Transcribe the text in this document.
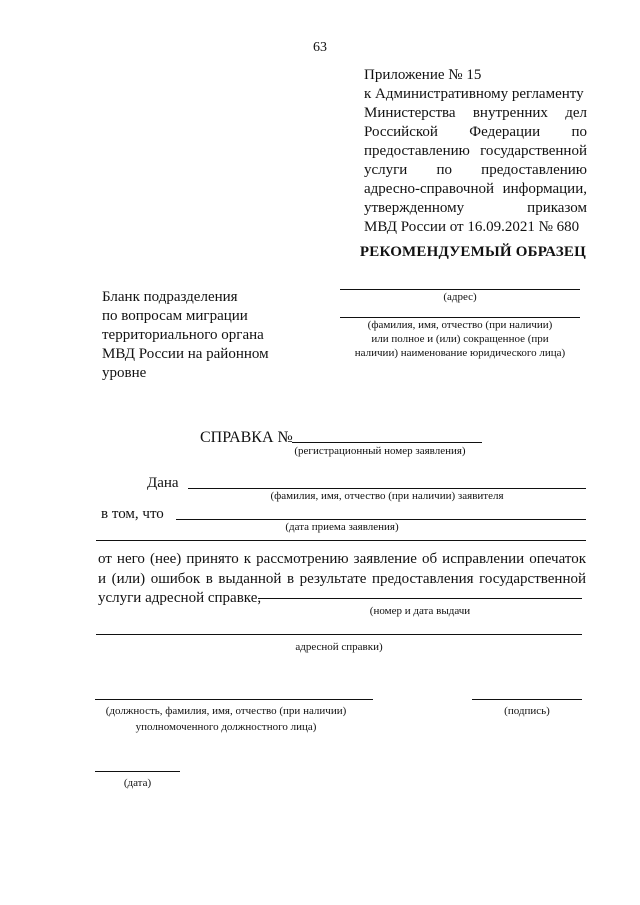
63
Приложение № 15
к Административному регламенту
Министерства внутренних дел
Российской Федерации по
предоставлению государственной
услуги по предоставлению
адресно-справочной информации,
утвержденному приказом
МВД России от 16.09.2021 № 680
РЕКОМЕНДУЕМЫЙ ОБРАЗЕЦ
Бланк подразделения
по вопросам миграции
территориального органа
МВД России на районном
уровне
(адрес)
(фамилия, имя, отчество (при наличии)
или полное и (или) сокращенное (при
наличии) наименование юридического лица)
СПРАВКА №
(регистрационный номер заявления)
Дана
(фамилия, имя, отчество (при наличии) заявителя
в том, что
(дата приема заявления)
от него (нее) принято к рассмотрению заявление об исправлении опечаток
и (или) ошибок в выданной в результате предоставления государственной
услуги адресной справке,
(номер и дата выдачи
адресной справки)
(должность, фамилия, имя, отчество (при наличии)
уполномоченного должностного лица)
(подпись)
(дата)
